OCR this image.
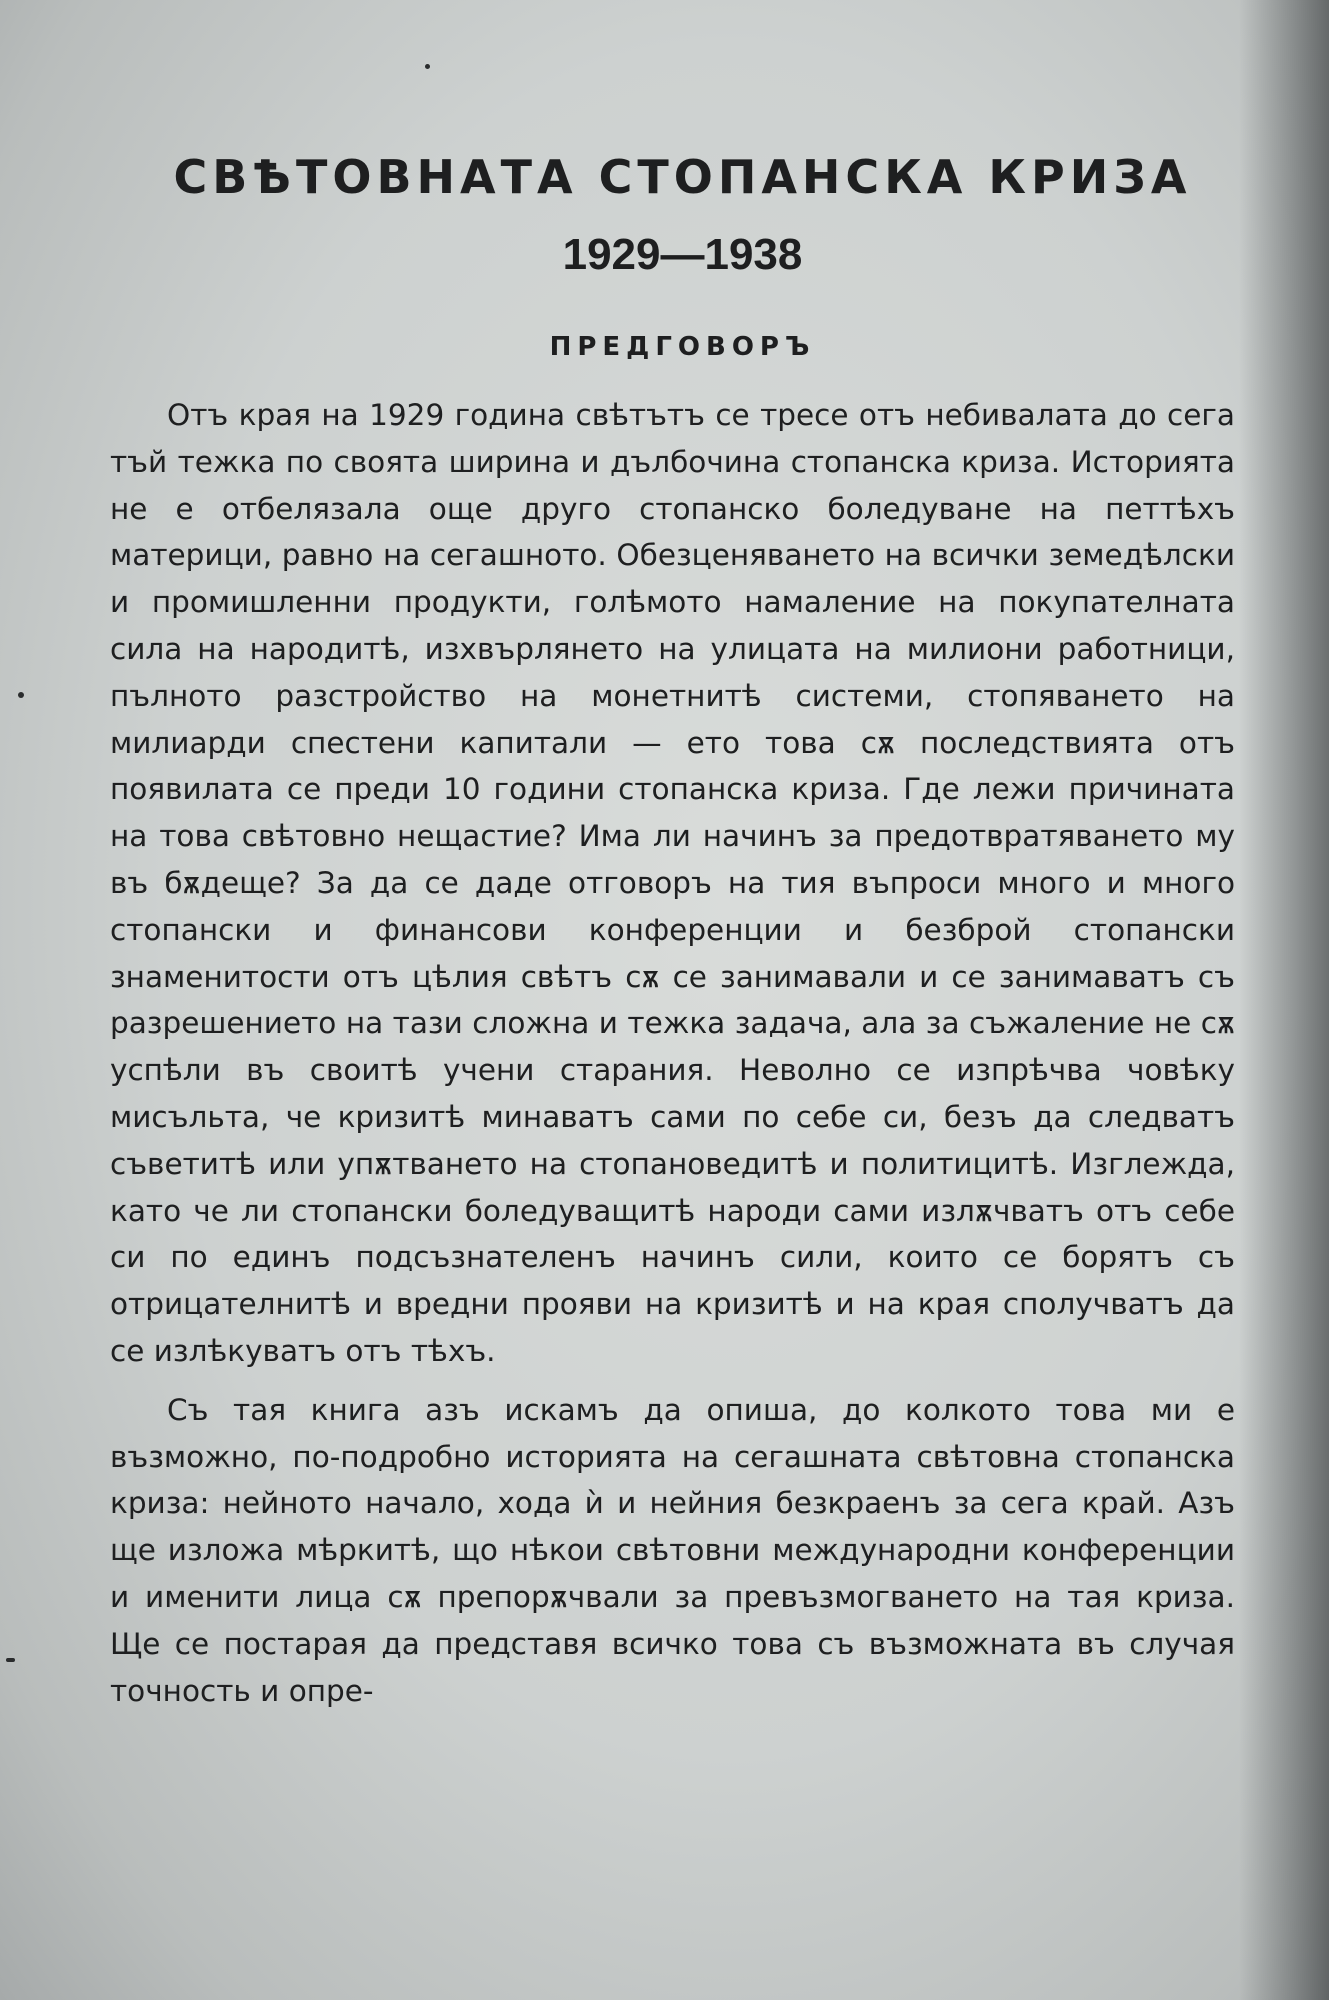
СВѢТОВНАТА СТОПАНСКА КРИЗА
1929—1938
ПРЕДГОВОРЪ

Отъ края на 1929 година свѣтътъ се тресе отъ небивалата до сега тъй тежка по своята ширина и дълбочина стопанска криза. Историята не е отбелязала още друго стопанско боледуване на петтѣхъ материци, равно на сегашното. Обезценяването на всички земедѣлски и промишленни продукти, голѣмото намаление на покупателната сила на народитѣ, изхвърлянето на улицата на милиони работници, пълното разстройство на монетнитѣ системи, стопяването на милиарди спестени капитали — ето това сѫ последствията отъ появилата се преди 10 години стопанска криза. Где лежи причината на това свѣтовно нещастие? Има ли начинъ за предотвратяването му въ бѫдеще? За да се даде отговоръ на тия въпроси много и много стопански и финансови конференции и безброй стопански знаменитости отъ цѣлия свѣтъ сѫ се занимавали и се занимаватъ съ разрешението на тази сложна и тежка задача, ала за съжаление не сѫ успѣли въ своитѣ учени старания. Неволно се изпрѣчва човѣку мисъльта, че кризитѣ минаватъ сами по себе си, безъ да следватъ съветитѣ или упѫтването на стопановедитѣ и политицитѣ. Изглежда, като че ли стопански боледуващитѣ народи сами излѫчватъ отъ себе си по единъ подсъзнателенъ начинъ сили, които се борятъ съ отрицателнитѣ и вредни прояви на кризитѣ и на края сполучватъ да се излѣкуватъ отъ тѣхъ.

Съ тая книга азъ искамъ да опиша, до колкото това ми е възможно, по-подробно историята на сегашната свѣтовна стопанска криза: нейното начало, хода ѝ и нейния безкраенъ за сега край. Азъ ще изложа мѣркитѣ, що нѣкои свѣтовни международни конференции и именити лица сѫ препорѫчвали за превъзмогването на тая криза. Ще се постарая да представя всичко това съ възможната въ случая точность и опре-
